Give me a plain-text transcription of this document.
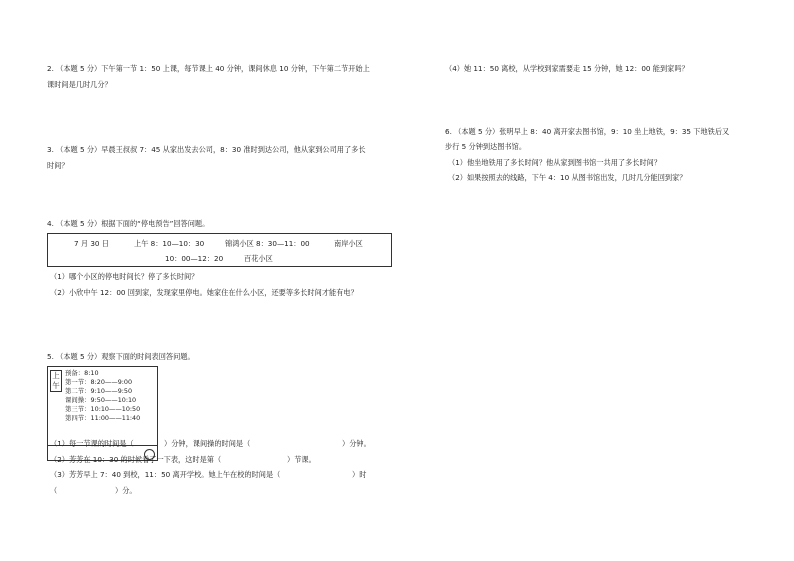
2. （本题 5 分）下午第一节 1：50 上课，每节课上 40 分钟，课间休息 10 分钟，下午第二节开始上
课时间是几时几分？
3. （本题 5 分）早晨王叔叔 7：45 从家出发去公司，8：30 准时到达公司，他从家到公司用了多长
时间？
4. （本题 5 分）根据下面的“停电预告”回答问题。
7 月 30 日	上午 8：10—10：30	锦鸿小区 8：30—11：00	南岸小区
10：00—12：20	百花小区
（1）哪个小区的停电时间长？停了多长时间？
（2）小欣中午 12：00 回到家，发现家里停电。她家住在什么小区，还要等多长时间才能有电？
5. （本题 5 分）观察下面的时间表回答问题。
上
午
预备：8:10
第一节：8:20——9:00
第二节：9:10——9:50
课间操：9:50——10:10
第三节：10:10——10:50
第四节：11:00——11:40
（1）每一节课的时间是（	）分钟，课间操的时间是（	）分钟。
（2）芳芳在 10：30 的时候看了一下表，这时是第（	）节课。
（3）芳芳早上 7：40 到校，11：50 离开学校。她上午在校的时间是（	）时
（	）分。
（4）她 11：50 离校，从学校到家需要走 15 分钟，她 12：00 能到家吗？
6. （本题 5 分）张明早上 8：40 离开家去图书馆，9：10 坐上地铁，9：35 下地铁后又
步行 5 分钟到达图书馆。
（1）他坐地铁用了多长时间？他从家到图书馆一共用了多长时间？
（2）如果按照去的线路，下午 4：10 从图书馆出发，几时几分能回到家？
